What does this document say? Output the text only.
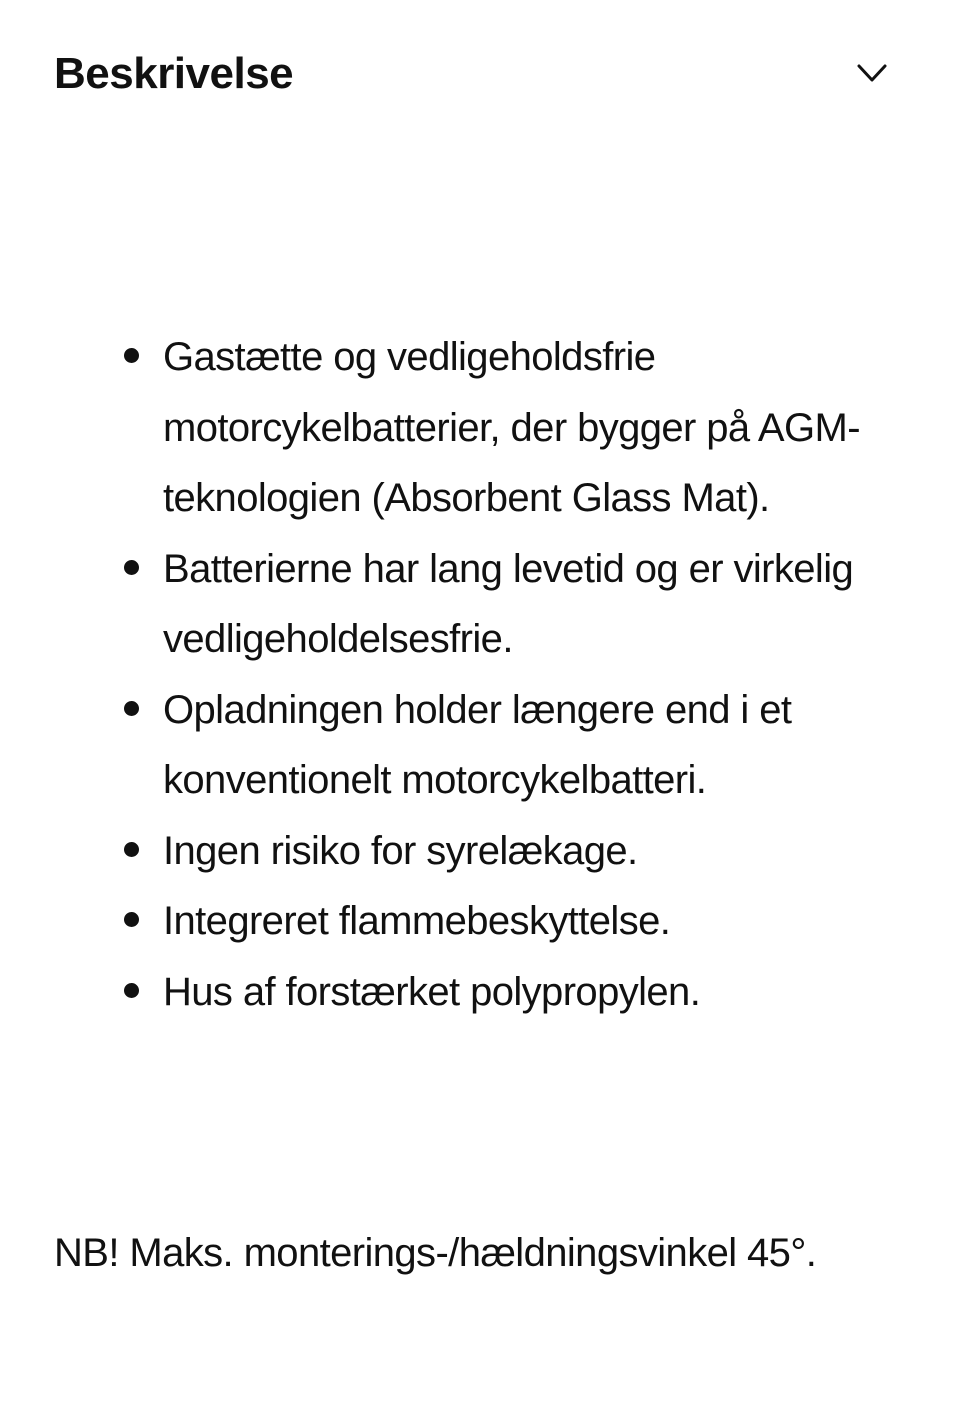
Beskrivelse
Gastætte og vedligeholdsfrie motorcykelbatterier, der bygger på AGM-teknologien (Absorbent Glass Mat).
Batterierne har lang levetid og er virkelig vedligeholdelsesfrie.
Opladningen holder længere end i et konventionelt motorcykelbatteri.
Ingen risiko for syrelækage.
Integreret flammebeskyttelse.
Hus af forstærket polypropylen.

NB! Maks. monterings-/hældningsvinkel 45°.
